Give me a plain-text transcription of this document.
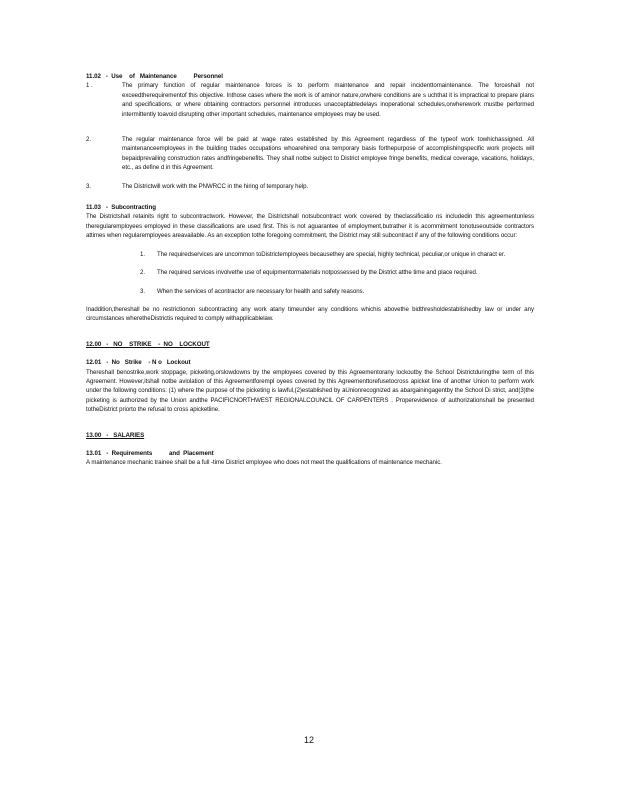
11.02   -  Use    of   Maintenance          Personnel
1 .	The primary function of regular maintenance forces is to perform maintenance and repair incidenttomaintenance. The forceshall not exceedtherequirementof this objective. Inthose cases where the work is of aminor nature,orwhere conditions are s uchthat it is impractical to prepare plans and specifications, or where obtaining contractors personnel introduces unacceptabledelays inoperational schedules,orwherework mustbe performed intermittently toavoid disrupting other important schedules, maintenance employees may be used.
2.	The regular maintenance force will be paid at wage rates established by this Agreement regardless of the typeof work towhichassigned. All maintenanceemployees in the building trades occupations whoarehired ona temporary basis forthepurpose of accomplishingspecific work projects will bepaidprevailing construction rates andfringebenefits. They shall notbe subject to District employee fringe benefits, medical coverage, vacations, holidays, etc., as define d in this Agreement.
3.	The Districtwill work with the PNWRCC in the hiring of temporary help.
11.03   -  Subcontracting
The Districtshall retainits right to subcontractwork. However, the Districtshall notsubcontract work covered by theclassificatio ns includedin this agreementunless theregularemployees employed in these classifications are used first. This is not aguarantee of employment,butrather it is acommitment tonotuseoutside contractors attimes when regularemployees areavailable. As an exception tothe foregoing commitment, the District may still subcontract if any of the following conditions occur:
1.	The requiredservices are uncommon toDistrictemployees becausethey are special, highly technical, peculiar,or unique in charact er.
2.	The required services involvethe use of equipmentormaterials notpossessed by the District atthe time and place required.
3.	When the services of acontractor are necessary for health and safety reasons.
Inaddition,thereshall be no restrictionon subcontracting any work atany timeunder any conditions whichis abovethe bidthresholdestablishedby law or under any circumstances wheretheDistrictis required to comply withapplicablelaw.
12.00   -   NO    STRIKE    -  NO    LOCKOUT
12.01   -  No   Strike    - N o   Lockout
Thereshall benostrike,work stoppage, picketing,orslowdowns by the employees covered by this Agreementorany lockoutby the School Districtduringthe term of this Agreement. However,itshall notbe aviolation of this Agreementforempl oyees covered by this Agreementtorefusetocross apicket line of another Union to perform work under the following conditions: (1) where the purpose of the picketing is lawful,(2)established by aUnionrecognized as abargainingagentby the School Di strict, and(3)the picketing is authorized by the Union andthe PACIFICNORTHWEST REGIONALCOUNCIL OF CARPENTERS . Properevidence of authorizationshall be presented totheDistrict priorto the refusal to cross apicketline.
13.00   -   SALARIES
13.01   -  Requirements          and  Placement
A maintenance mechanic trainee shall be a full -time District employee who does not meet the qualifications of maintenance mechanic.
12
